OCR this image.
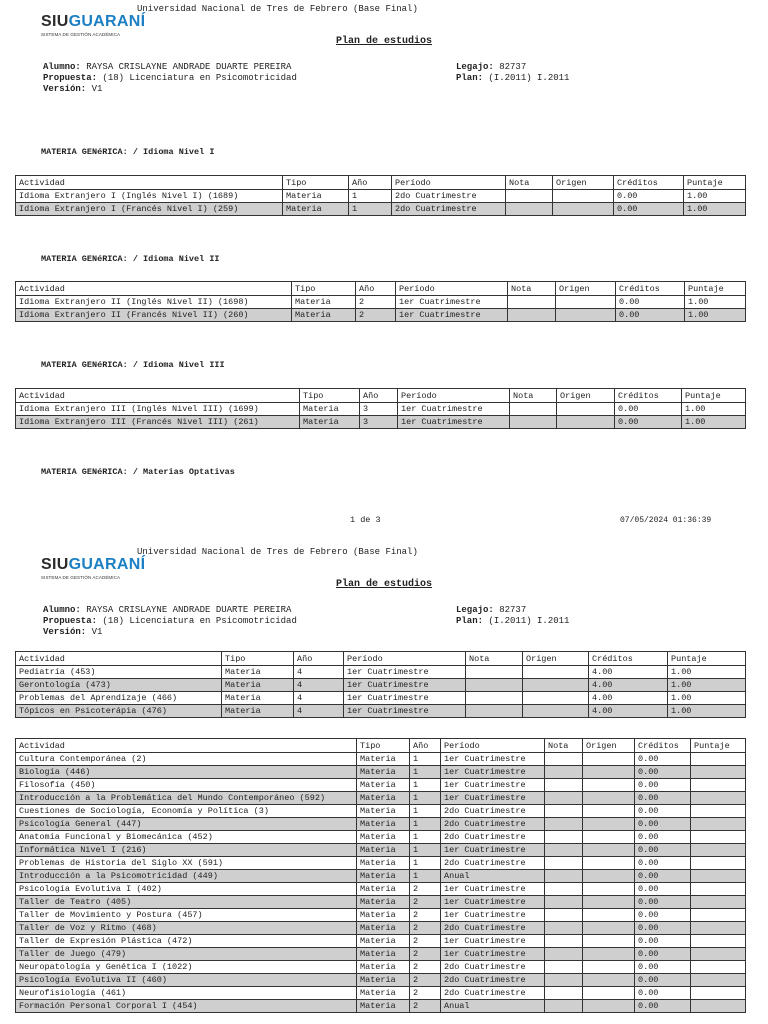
SIUGUARANÍ
SISTEMA DE GESTIÓN ACADÉMICA
Universidad Nacional de Tres de Febrero (Base Final)
Plan de estudios
Alumno: RAYSA CRISLAYNE ANDRADE DUARTE PEREIRA
Propuesta: (18) Licenciatura en Psicomotricidad
Versión: V1
Legajo: 82737
Plan: (I.2011) I.2011
MATERIA GENéRICA: / Idioma Nivel I
Actividad	Tipo	Año	Período	Nota	Origen	Créditos	Puntaje
Idioma Extranjero I (Inglés Nivel I) (1689)	Materia	1	2do Cuatrimestre			0.00	1.00
Idioma Extranjero I (Francés Nivel I) (259)	Materia	1	2do Cuatrimestre			0.00	1.00
MATERIA GENéRICA: / Idioma Nivel II
Actividad	Tipo	Año	Período	Nota	Origen	Créditos	Puntaje
Idioma Extranjero II (Inglés Nivel II) (1698)	Materia	2	1er Cuatrimestre			0.00	1.00
Idioma Extranjero II (Francés Nivel II) (260)	Materia	2	1er Cuatrimestre			0.00	1.00
MATERIA GENéRICA: / Idioma Nivel III
Actividad	Tipo	Año	Período	Nota	Origen	Créditos	Puntaje
Idioma Extranjero III (Inglés Nivel III) (1699)	Materia	3	1er Cuatrimestre			0.00	1.00
Idioma Extranjero III (Francés Nivel III) (261)	Materia	3	1er Cuatrimestre			0.00	1.00
MATERIA GENéRICA: / Materias Optativas
1 de 3	07/05/2024 01:36:39
SIUGUARANÍ
SISTEMA DE GESTIÓN ACADÉMICA
Universidad Nacional de Tres de Febrero (Base Final)
Plan de estudios
Alumno: RAYSA CRISLAYNE ANDRADE DUARTE PEREIRA
Propuesta: (18) Licenciatura en Psicomotricidad
Versión: V1
Legajo: 82737
Plan: (I.2011) I.2011
Actividad	Tipo	Año	Período	Nota	Origen	Créditos	Puntaje
Pediatría (453)	Materia	4	1er Cuatrimestre			4.00	1.00
Gerontología (473)	Materia	4	1er Cuatrimestre			4.00	1.00
Problemas del Aprendizaje (466)	Materia	4	1er Cuatrimestre			4.00	1.00
Tópicos en Psicoterápia (476)	Materia	4	1er Cuatrimestre			4.00	1.00
Actividad	Tipo	Año	Período	Nota	Origen	Créditos	Puntaje
Cultura Contemporánea (2)	Materia	1	1er Cuatrimestre			0.00	
Biología (446)	Materia	1	1er Cuatrimestre			0.00	
Filosofía (450)	Materia	1	1er Cuatrimestre			0.00	
Introducción a la Problemática del Mundo Contemporáneo (592)	Materia	1	1er Cuatrimestre			0.00	
Cuestiones de Sociología, Economía y Política (3)	Materia	1	2do Cuatrimestre			0.00	
Psicología General (447)	Materia	1	2do Cuatrimestre			0.00	
Anatomía Funcional y Biomecánica (452)	Materia	1	2do Cuatrimestre			0.00	
Informática Nivel I (216)	Materia	1	1er Cuatrimestre			0.00	
Problemas de Historia del Siglo XX (591)	Materia	1	2do Cuatrimestre			0.00	
Introducción a la Psicomotricidad (449)	Materia	1	Anual			0.00	
Psicología Evolutiva I (402)	Materia	2	1er Cuatrimestre			0.00	
Taller de Teatro (405)	Materia	2	1er Cuatrimestre			0.00	
Taller de Movimiento y Postura (457)	Materia	2	1er Cuatrimestre			0.00	
Taller de Voz y Ritmo (468)	Materia	2	2do Cuatrimestre			0.00	
Taller de Expresión Plástica (472)	Materia	2	1er Cuatrimestre			0.00	
Taller de Juego (479)	Materia	2	1er Cuatrimestre			0.00	
Neuropatología y Genética I (1022)	Materia	2	2do Cuatrimestre			0.00	
Psicología Evolutiva II (460)	Materia	2	2do Cuatrimestre			0.00	
Neurofisiología (461)	Materia	2	2do Cuatrimestre			0.00	
Formación Personal Corporal I (454)	Materia	2	Anual			0.00	
